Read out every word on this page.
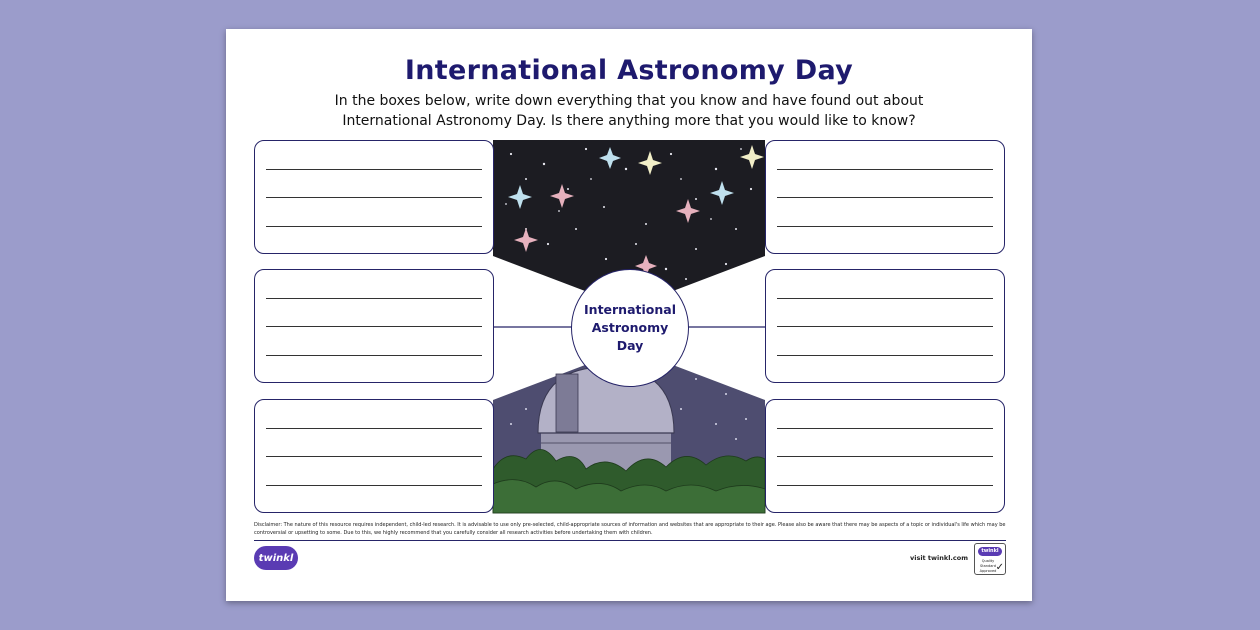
International Astronomy Day
In the boxes below, write down everything that you know and have found out about
International Astronomy Day. Is there anything more that you would like to know?
International
Astronomy Day
Disclaimer: The nature of this resource requires independent, child-led research. It is advisable to use only pre-selected, child-appropriate sources of information and websites that are appropriate to their age. Please also be aware that there may be aspects of a topic or individual's life which may be controversial or upsetting to some. Due to this, we highly recommend that you carefully consider all research activities before undertaking them with children.
twinkl	visit twinkl.com
twinkl
Quality Standard Approved ✓
